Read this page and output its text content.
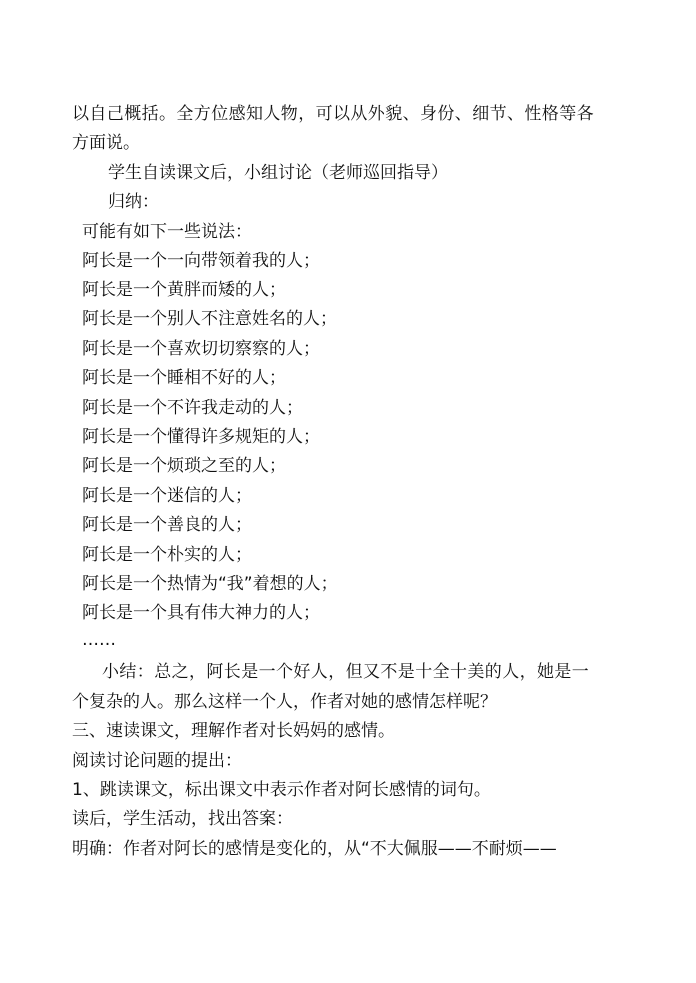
以自己概括。全方位感知人物，可以从外貌、身份、细节、性格等各
方面说。
学生自读课文后，小组讨论（老师巡回指导）
归纳：
可能有如下一些说法：
阿长是一个一向带领着我的人；
阿长是一个黄胖而矮的人；
阿长是一个别人不注意姓名的人；
阿长是一个喜欢切切察察的人；
阿长是一个睡相不好的人；
阿长是一个不许我走动的人；
阿长是一个懂得许多规矩的人；
阿长是一个烦琐之至的人；
阿长是一个迷信的人；
阿长是一个善良的人；
阿长是一个朴实的人；
阿长是一个热情为“我”着想的人；
阿长是一个具有伟大神力的人；
……
小结：总之，阿长是一个好人，但又不是十全十美的人，她是一
个复杂的人。那么这样一个人，作者对她的感情怎样呢？
三、速读课文，理解作者对长妈妈的感情。
阅读讨论问题的提出：
1、跳读课文，标出课文中表示作者对阿长感情的词句。
读后，学生活动，找出答案：
明确：作者对阿长的感情是变化的，从“不大佩服——不耐烦——
